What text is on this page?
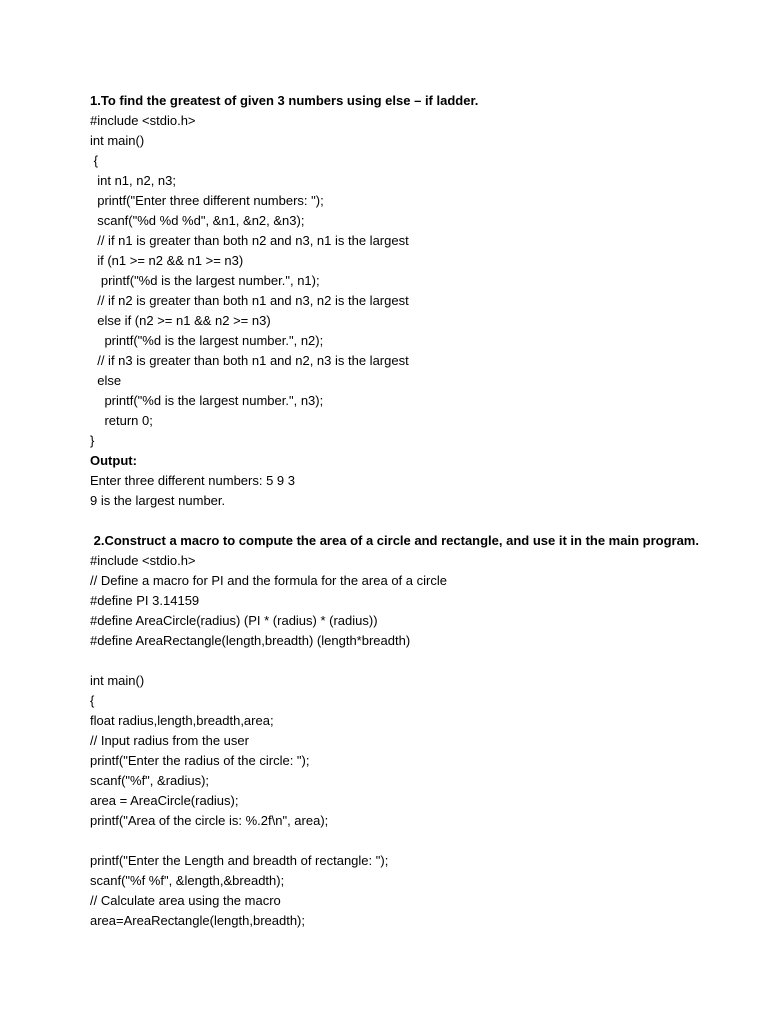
1.To find the greatest of given 3 numbers using else – if ladder.
#include <stdio.h>
int main()
{
int n1, n2, n3;
printf("Enter three different numbers: ");
scanf("%d %d %d", &n1, &n2, &n3);
// if n1 is greater than both n2 and n3, n1 is the largest
if (n1 >= n2 && n1 >= n3)
printf("%d is the largest number.", n1);
// if n2 is greater than both n1 and n3, n2 is the largest
else if (n2 >= n1 && n2 >= n3)
printf("%d is the largest number.", n2);
// if n3 is greater than both n1 and n2, n3 is the largest
else
printf("%d is the largest number.", n3);
return 0;
}
Output:
Enter three different numbers: 5 9 3
9 is the largest number.
2.Construct a macro to compute the area of a circle and rectangle, and use it in the main program.
#include <stdio.h>
// Define a macro for PI and the formula for the area of a circle
#define PI 3.14159
#define AreaCircle(radius) (PI * (radius) * (radius))
#define AreaRectangle(length,breadth) (length*breadth)
int main()
{
float radius,length,breadth,area;
// Input radius from the user
printf("Enter the radius of the circle: ");
scanf("%f", &radius);
area = AreaCircle(radius);
printf("Area of the circle is: %.2f\n", area);
printf("Enter the Length and breadth of rectangle: ");
scanf("%f %f", &length,&breadth);
// Calculate area using the macro
area=AreaRectangle(length,breadth);
